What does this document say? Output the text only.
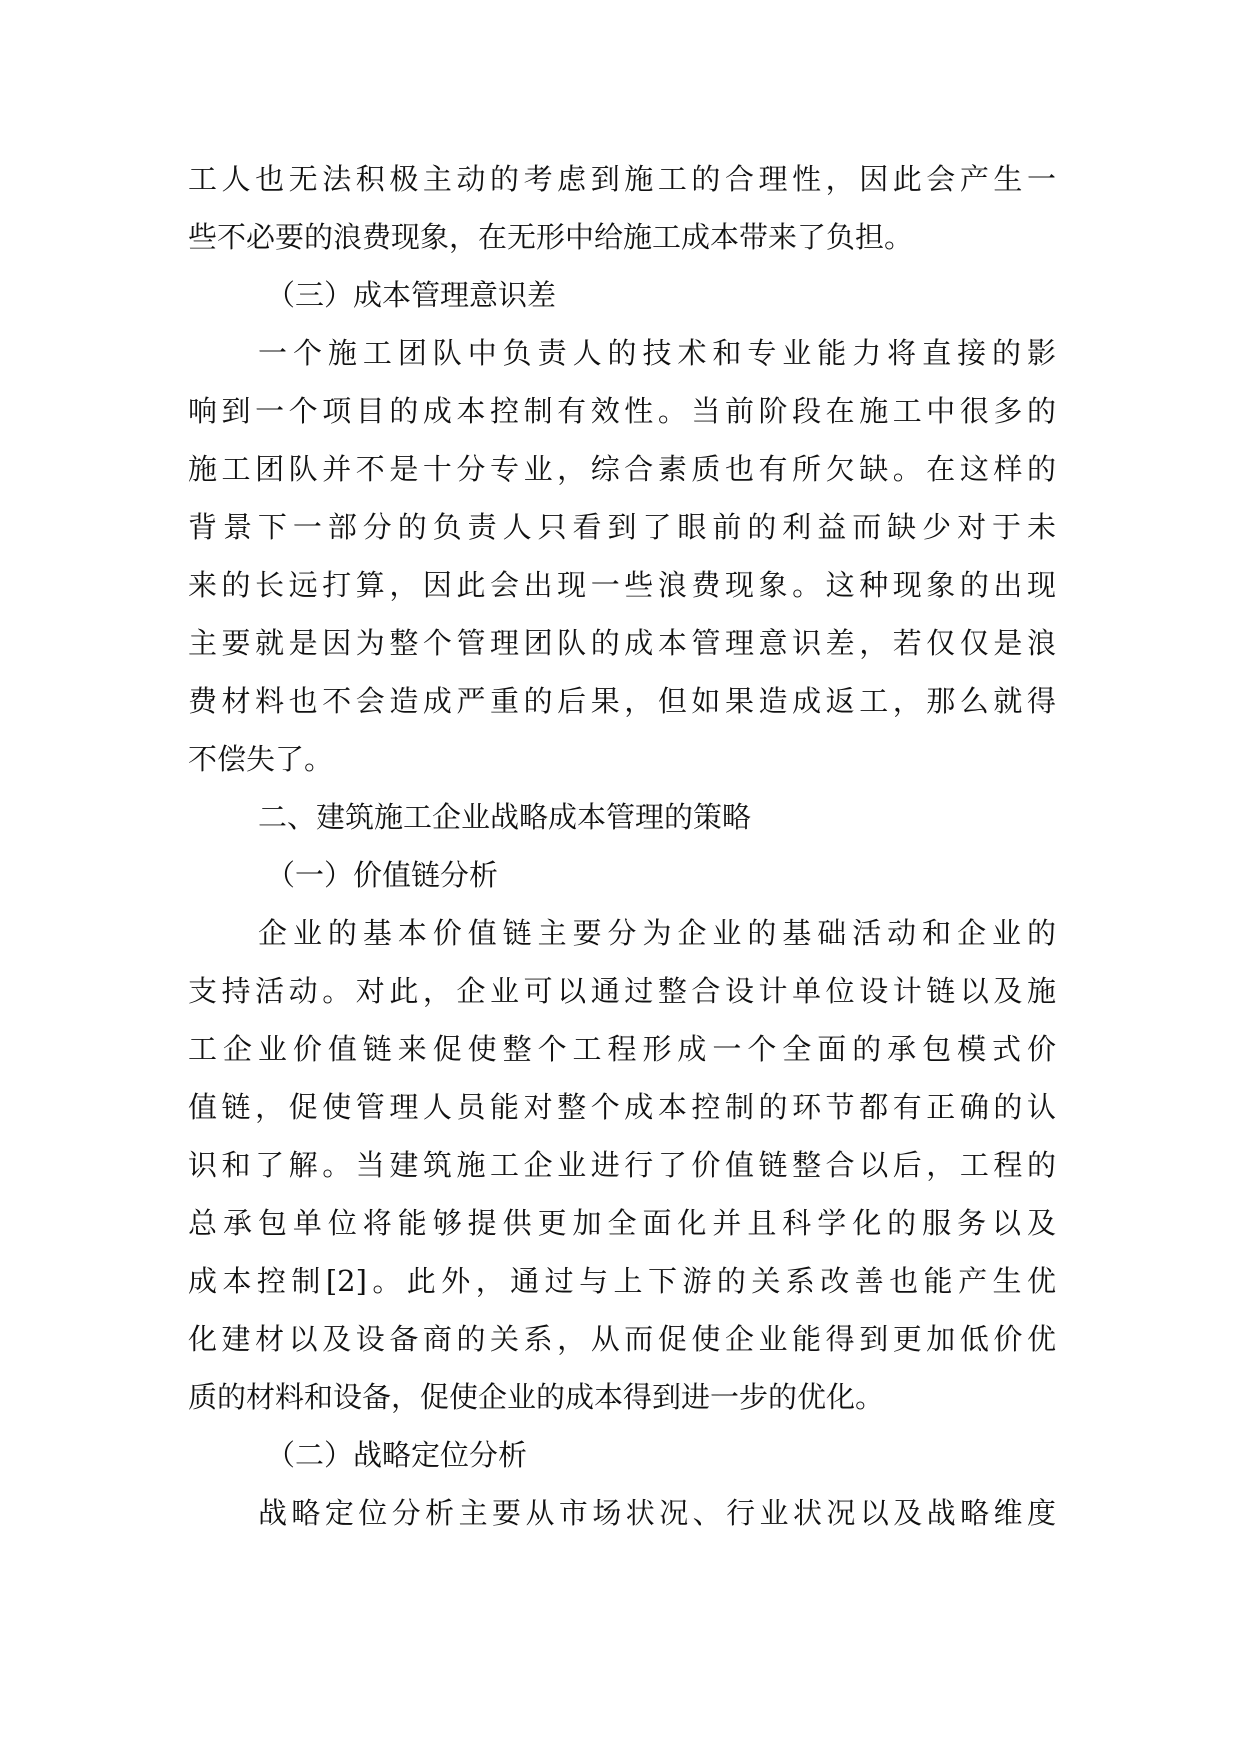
工人也无法积极主动的考虑到施工的合理性，因此会产生一
些不必要的浪费现象，在无形中给施工成本带来了负担。
（三）成本管理意识差
一个施工团队中负责人的技术和专业能力将直接的影
响到一个项目的成本控制有效性。当前阶段在施工中很多的
施工团队并不是十分专业，综合素质也有所欠缺。在这样的
背景下一部分的负责人只看到了眼前的利益而缺少对于未
来的长远打算，因此会出现一些浪费现象。这种现象的出现
主要就是因为整个管理团队的成本管理意识差，若仅仅是浪
费材料也不会造成严重的后果，但如果造成返工，那么就得
不偿失了。
二、建筑施工企业战略成本管理的策略
（一）价值链分析
企业的基本价值链主要分为企业的基础活动和企业的
支持活动。对此，企业可以通过整合设计单位设计链以及施
工企业价值链来促使整个工程形成一个全面的承包模式价
值链，促使管理人员能对整个成本控制的环节都有正确的认
识和了解。当建筑施工企业进行了价值链整合以后，工程的
总承包单位将能够提供更加全面化并且科学化的服务以及
成本控制[2]。此外，通过与上下游的关系改善也能产生优
化建材以及设备商的关系，从而促使企业能得到更加低价优
质的材料和设备，促使企业的成本得到进一步的优化。
（二）战略定位分析
战略定位分析主要从市场状况、行业状况以及战略维度
